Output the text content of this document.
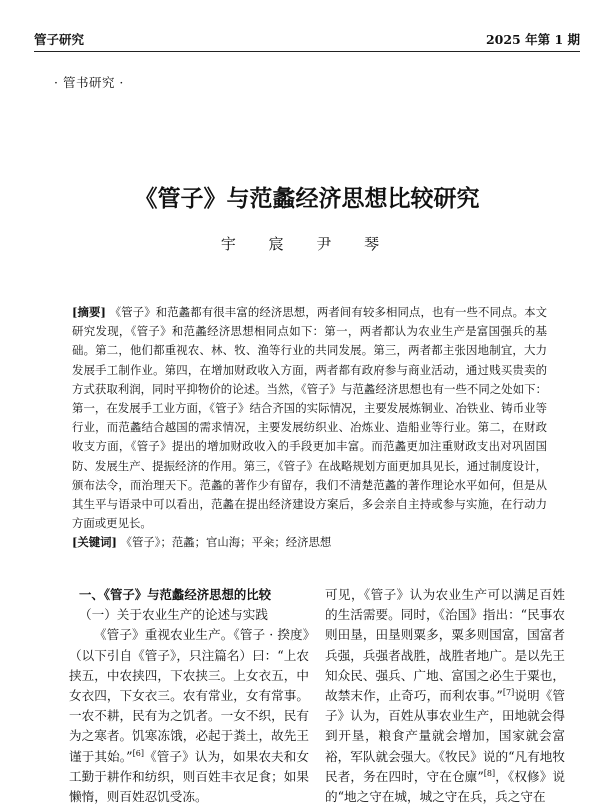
管子研究	2025 年第 1 期
· 管书研究 ·
《管子》与范蠡经济思想比较研究
宇 宸 尹 琴
[摘要] 《管子》和范蠡都有很丰富的经济思想，两者间有较多相同点，也有一些不同点。本文研究发现，《管子》和范蠡经济思想相同点如下：第一，两者都认为农业生产是富国强兵的基础。第二，他们都重视农、林、牧、渔等行业的共同发展。第三，两者都主张因地制宜，大力发展手工制作业。第四，在增加财政收入方面，两者都有政府参与商业活动，通过贱买贵卖的方式获取利润，同时平抑物价的论述。当然，《管子》与范蠡经济思想也有一些不同之处如下：第一，在发展手工业方面，《管子》结合齐国的实际情况，主要发展炼铜业、冶铁业、铸币业等行业，而范蠡结合越国的需求情况，主要发展纺织业、冶炼业、造船业等行业。第二，在财政收支方面，《管子》提出的增加财政收入的手段更加丰富。而范蠡更加注重财政支出对巩固国防、发展生产、提振经济的作用。第三，《管子》在战略规划方面更加具见长，通过制度设计，颁布法令，而治理天下。范蠡的著作少有留存，我们不清楚范蠡的著作理论水平如何，但是从其生平与语录中可以看出，范蠡在提出经济建设方案后，多会亲自主持或参与实施，在行动力方面或更见长。
[关键词] 《管子》；范蠡；官山海；平籴；经济思想
一、《管子》与范蠡经济思想的比较
（一）关于农业生产的论述与实践
《管子》重视农业生产。《管子 · 揆度》（以下引自《管子》，只注篇名）曰：“上农挟五，中农挟四，下农挟三。上女衣五，中女衣四，下女衣三。农有常业，女有常事。一农不耕，民有为之饥者。一女不织，民有为之寒者。饥寒冻饿，必起于粪土，故先王谨于其始。”[6]《管子》认为，如果农夫和女工勤于耕作和纺织，则百姓丰衣足食；如果懒惰，则百姓忍饥受冻。
可见，《管子》认为农业生产可以满足百姓的生活需要。同时，《治国》指出：“民事农则田垦，田垦则粟多，粟多则国富，国富者兵强，兵强者战胜，战胜者地广。是以先王知众民、强兵、广地、富国之必生于粟也，故禁末作，止奇巧，而利农事。”[7]说明《管子》认为，百姓从事农业生产，田地就会得到开垦，粮食产量就会增加，国家就会富裕，军队就会强大。《牧民》说的“凡有地牧民者，务在四时，守在仓廪”[8]，《权修》说的“地之守在城，城之守在兵，兵之守在
